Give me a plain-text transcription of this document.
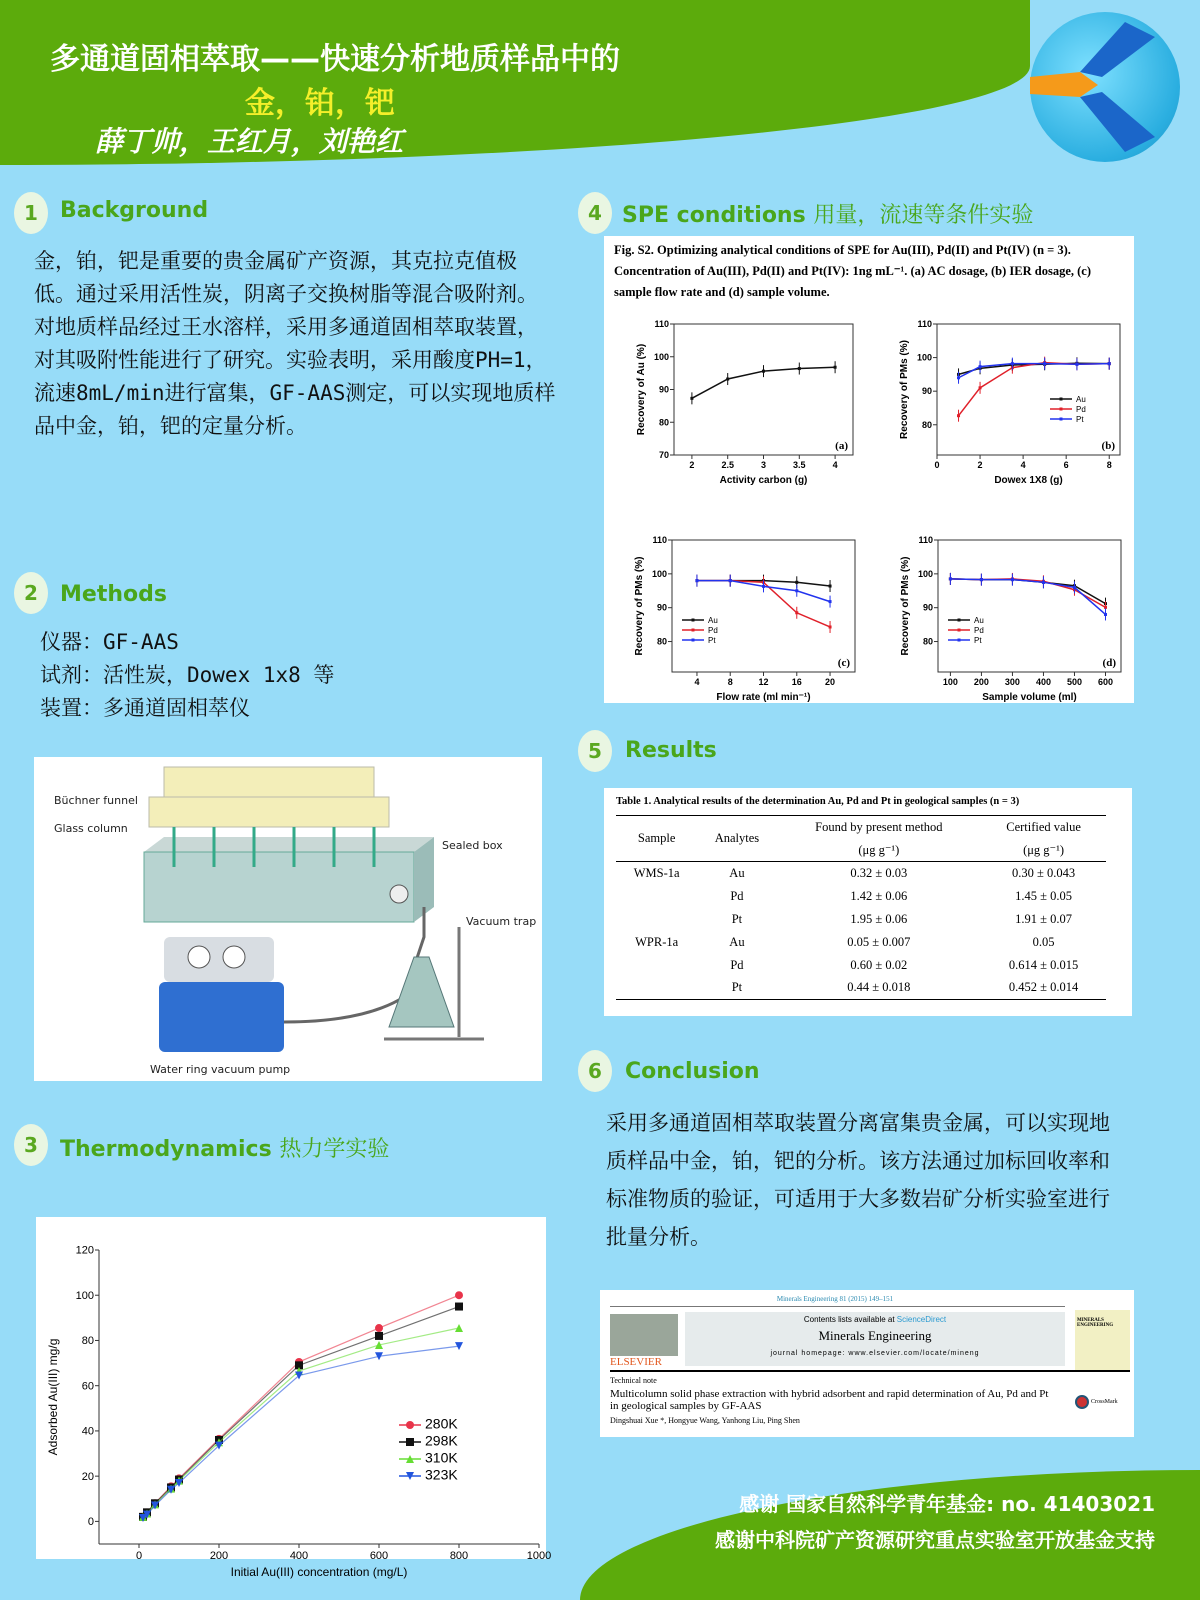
多通道固相萃取——快速分析地质样品中的
金，铂，钯
薛丁帅，王红月，刘艳红
1	Background
金，铂，钯是重要的贵金属矿产资源，其克拉克值极低。通过采用活性炭，阴离子交换树脂等混合吸附剂。对地质样品经过王水溶样，采用多通道固相萃取装置，对其吸附性能进行了研究。实验表明，采用酸度PH=1，流速8mL/min进行富集，GF-AAS测定，可以实现地质样品中金，铂，钯的定量分析。
2	Methods
仪器：GF-AAS
试剂：活性炭，Dowex 1x8 等
装置：多通道固相萃仪
Büchner funnel
Glass column
Sealed box
Vacuum trap
Water ring vacuum pump
3	Thermodynamics 热力学实验
0	200	400	600	800	1000
0
20
40
60
80
100
120
Initial Au(III) concentration (mg/L)
Adsorbed Au(III) mg/g	280K
298K
310K
323K
4 SPE conditions 用量，流速等条件实验
Fig. S2. Optimizing analytical conditions of SPE for Au(III), Pd(II) and Pt(IV) (n = 3). Concentration of Au(III), Pd(II) and Pt(IV): 1ng mL⁻¹. (a) AC dosage, (b) IER dosage, (c) sample flow rate and (d) sample volume.
2	2.5	3	3.5	4
70
80
90
100
110
Activity carbon (g)
Recovery of Au (%)
(a)
0	2	4	6	8
80
90
100
110
Dowex 1X8 (g)
Recovery of PMs (%)	Au
Pd
Pt
(b)
4	8	12	16	20
80
90
100
110
Flow rate (ml min⁻¹)
Recovery of PMs (%)	Au
Pd
Pt
(c)
100 200 300 400 500 600
80
90
100
110
Sample volume (ml)
Recovery of PMs (%)	Au
Pd
Pt
(d)
5	Results
Table 1. Analytical results of the determination Au, Pd and Pt in geological samples (n = 3)
Sample	Analytes	Found by present method	Certified value
		(μg g⁻¹)	(μg g⁻¹)
WMS-1a	Au	0.32 ± 0.03	0.30 ± 0.043
	Pd	1.42 ± 0.06	1.45 ± 0.05
	Pt	1.95 ± 0.06	1.91 ± 0.07
WPR-1a	Au	0.05 ± 0.007	0.05
	Pd	0.60 ± 0.02	0.614 ± 0.015
	Pt	0.44 ± 0.018	0.452 ± 0.014
6	Conclusion
采用多通道固相萃取装置分离富集贵金属，可以实现地质样品中金，铂，钯的分析。该方法通过加标回收率和标准物质的验证，可适用于大多数岩矿分析实验室进行批量分析。
Minerals Engineering 81 (2015) 149–151
ELSEVIER
Contents lists available at ScienceDirect
Minerals Engineering
journal homepage: www.elsevier.com/locate/mineng
MINERALS ENGINEERING
Technical note
Multicolumn solid phase extraction with hybrid adsorbent and rapid determination of Au, Pd and Pt in geological samples by GF-AAS
Dingshuai Xue *, Hongyue Wang, Yanhong Liu, Ping Shen
CrossMark
感谢 国家自然科学青年基金: no. 41403021
感谢中科院矿产资源研究重点实验室开放基金支持
